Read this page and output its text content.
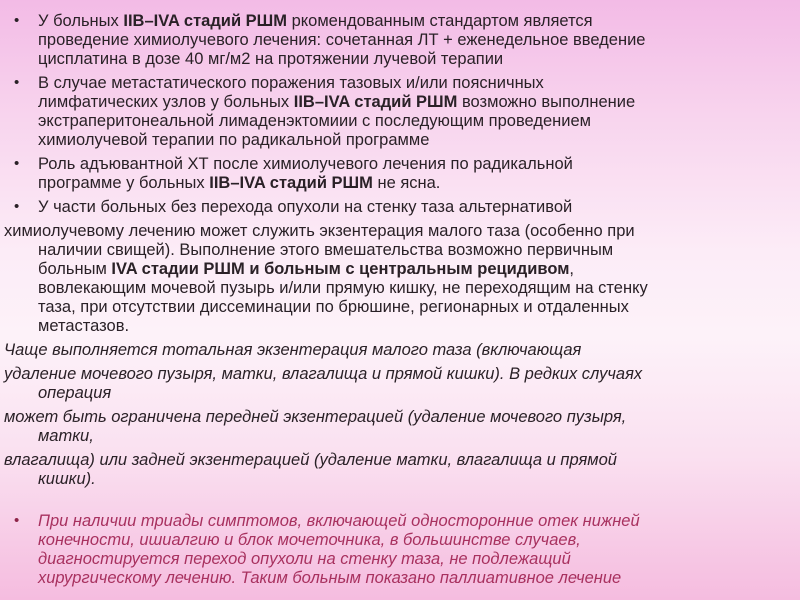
• У больных IIB–IVA стадий РШМ ркомендованным стандартом является
проведение химиолучевого лечения: сочетанная ЛТ + еженедельное введение
цисплатина в дозе 40 мг/м2 на протяжении лучевой терапии
• В случае метастатического поражения тазовых и/или поясничных
лимфатических узлов у больных IIB–IVA стадий РШМ возможно выполнение
экстраперитонеальной лимаденэктомиии с последующим проведением
химиолучевой терапии по радикальной программе
• Роль адъювантной ХТ после химиолучевого лечения по радикальной
программе у больных IIB–IVA стадий РШМ не ясна.
• У части больных без перехода опухоли на стенку таза альтернативой
химиолучевому лечению может служить экзентерация малого таза (особенно при
наличии свищей). Выполнение этого вмешательства возможно первичным
больным IVA стадии РШМ и больным с центральным рецидивом,
вовлекающим мочевой пузырь и/или прямую кишку, не переходящим на стенку
таза, при отсутствии диссеминации по брюшине, регионарных и отдаленных
метастазов.
Чаще выполняется тотальная экзентерация малого таза (включающая
удаление мочевого пузыря, матки, влагалища и прямой кишки). В редких случаях
операция
может быть ограничена передней экзентерацией (удаление мочевого пузыря,
матки,
влагалища) или задней экзентерацией (удаление матки, влагалища и прямой
кишки).
• При наличии триады симптомов, включающей односторонние отек нижней
конечности, ишиалгию и блок мочеточника, в большинстве случаев,
диагностируется переход опухоли на стенку таза, не подлежащий
хирургическому лечению. Таким больным показано паллиативное лечение
